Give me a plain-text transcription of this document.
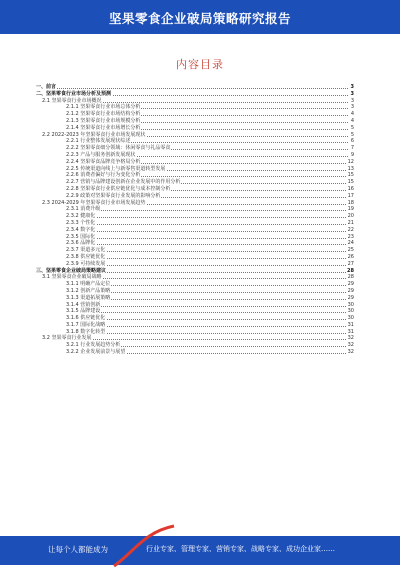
坚果零食企业破局策略研究报告
内容目录
一、前言	3
二、坚果零食行业市场分析及预测	3
2.1 坚果零食行业市场概况	3
2.1.1 坚果零食行业市场总体分析	3
2.1.2 坚果零食行业市场结构分析	4
2.1.3 坚果零食行业市场规模分析	4
2.1.4 坚果零食行业市场增长分析	5
2.2 2022-2023 年坚果零食行业市场发展现状	5
2.2.1 行业整体发展现状综述	6
2.2.2 坚果零食细分领域：休闲零食与礼品零食	7
2.2.3 产品与服务创新发展现状	9
2.2.4 坚果零食品牌竞争格局分析	12
2.2.5 传统渠道向线上与新零售渠道转型发展	13
2.2.6 消费者偏好与行为变化分析	15
2.2.7 营销与品牌建设创新在企业发展中的作用分析	15
2.2.8 坚果零食行业供应链优化与成本控制分析	16
2.2.9 政策对坚果零食行业发展的影响分析	17
2.3 2024-2029 年坚果零食行业市场发展趋势	18
2.3.1 消费升级	19
2.3.2 健康化	20
2.3.3 个性化	21
2.3.4 数字化	22
2.3.5 国际化	23
2.3.6 品牌化	24
2.3.7 渠道多元化	25
2.3.8 供应链优化	26
2.3.9 可持续发展	27
三、坚果零食企业破局策略建议	28
3.1 坚果零食企业破局战略	28
3.1.1 明确产品定位	29
3.1.2 创新产品策略	29
3.1.3 渠道拓展策略	29
3.1.4 营销创新	30
3.1.5 品牌建设	30
3.1.6 供应链优化	30
3.1.7 国际化战略	31
3.1.8 数字化转型	31
3.2 坚果零食行业发展	32
3.2.1 行业发展趋势分析	32
3.2.2 企业发展前景与展望	32
让每个人都能成为	行业专家、管理专家、营销专家、战略专家、成功企业家……
